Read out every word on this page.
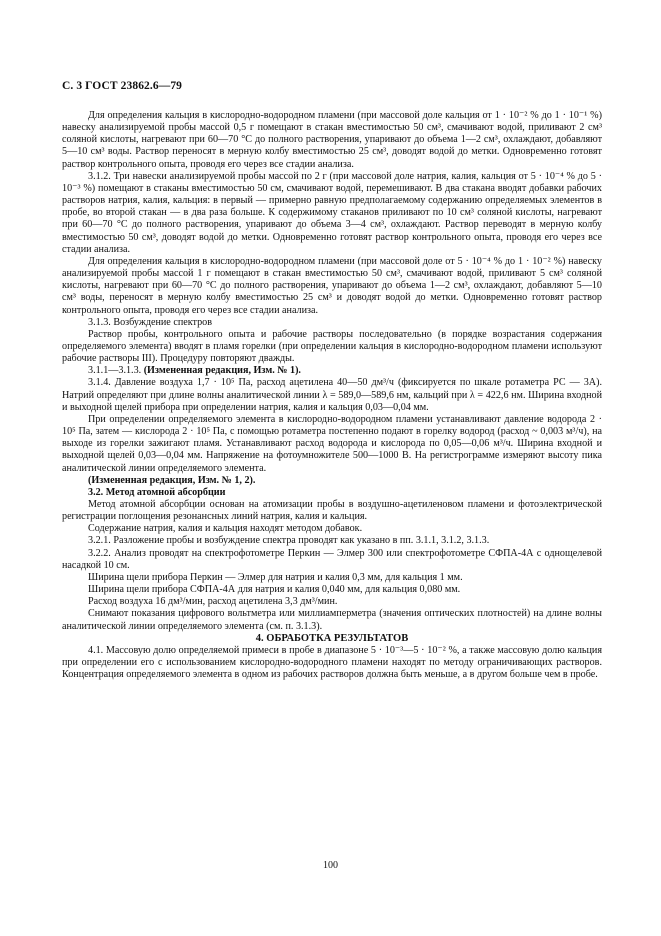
С. 3 ГОСТ 23862.6—79

Для определения кальция в кислородно-водородном пламени (при массовой доле кальция от 1 · 10⁻² % до 1 · 10⁻¹ %) навеску анализируемой пробы массой 0,5 г помещают в стакан вместимостью 50 см³, смачивают водой, приливают 2 см³ соляной кислоты, нагревают при 60—70 °С до полного растворения, упаривают до объема 1—2 см³, охлаждают, добавляют 5—10 см³ воды. Раствор переносят в мерную колбу вместимостью 25 см³, доводят водой до метки. Одновременно готовят раствор контрольного опыта, проводя его через все стадии анализа.

3.1.2. Три навески анализируемой пробы массой по 2 г (при массовой доле натрия, калия, кальция от 5 · 10⁻⁴ % до 5 · 10⁻³ %) помещают в стаканы вместимостью 50 см, смачивают водой, перемешивают. В два стакана вводят добавки рабочих растворов натрия, калия, кальция: в первый — примерно равную предполагаемому содержанию определяемых элементов в пробе, во второй стакан — в два раза больше. К содержимому стаканов приливают по 10 см³ соляной кислоты, нагревают при 60—70 °С до полного растворения, упаривают до объема 3—4 см³, охлаждают. Раствор переводят в мерную колбу вместимостью 50 см³, доводят водой до метки. Одновременно готовят раствор контрольного опыта, проводя его через все стадии анализа.

Для определения кальция в кислородно-водородном пламени (при массовой доле от 5 · 10⁻⁴ % до 1 · 10⁻² %) навеску анализируемой пробы массой 1 г помещают в стакан вместимостью 50 см³, смачивают водой, приливают 5 см³ соляной кислоты, нагревают при 60—70 °С до полного растворения, упаривают до объема 1—2 см³, охлаждают, добавляют 5—10 см³ воды, переносят в мерную колбу вместимостью 25 см³ и доводят водой до метки. Одновременно готовят раствор контрольного опыта, проводя его через все стадии анализа.

3.1.3. Возбуждение спектров

Раствор пробы, контрольного опыта и рабочие растворы последовательно (в порядке возрастания содержания определяемого элемента) вводят в пламя горелки (при определении кальция в кислородно-водородном пламени используют рабочие растворы III). Процедуру повторяют дважды.

3.1.1—3.1.3. (Измененная редакция, Изм. № 1).

3.1.4. Давление воздуха 1,7 · 10⁵ Па, расход ацетилена 40—50 дм³/ч (фиксируется по шкале ротаметра РС — 3А). Натрий определяют при длине волны аналитической линии λ = 589,0—589,6 нм, кальций при λ = 422,6 нм. Ширина входной и выходной щелей прибора при определении натрия, калия и кальция 0,03—0,04 мм.

При определении определяемого элемента в кислородно-водородном пламени устанавливают давление водорода 2 · 10⁵ Па, затем — кислорода 2 · 10⁵ Па, с помощью ротаметра постепенно подают в горелку водород (расход ~ 0,003 м³/ч), на выходе из горелки зажигают пламя. Устанавливают расход водорода и кислорода по 0,05—0,06 м³/ч. Ширина входной и выходной щелей 0,03—0,04 мм. Напряжение на фотоумножителе 500—1000 В. На регистрограмме измеряют высоту пика аналитической линии определяемого элемента.

(Измененная редакция, Изм. № 1, 2).

3.2. Метод атомной абсорбции

Метод атомной абсорбции основан на атомизации пробы в воздушно-ацетиленовом пламени и фотоэлектрической регистрации поглощения резонансных линий натрия, калия и кальция.

Содержание натрия, калия и кальция находят методом добавок.

3.2.1. Разложение пробы и возбуждение спектра проводят как указано в пп. 3.1.1, 3.1.2, 3.1.3.

3.2.2. Анализ проводят на спектрофотометре Перкин — Элмер 300 или спектрофотометре СФПА-4А с однощелевой насадкой 10 см.

Ширина щели прибора Перкин — Элмер для натрия и калия 0,3 мм, для кальция 1 мм.

Ширина щели прибора СФПА-4А для натрия и калия 0,040 мм, для кальция 0,080 мм.

Расход воздуха 16 дм³/мин, расход ацетилена 3,3 дм³/мин.

Снимают показания цифрового вольтметра или миллиамперметра (значения оптических плотностей) на длине волны аналитической линии определяемого элемента (см. п. 3.1.3).

4. ОБРАБОТКА РЕЗУЛЬТАТОВ

4.1. Массовую долю определяемой примеси в пробе в диапазоне 5 · 10⁻³—5 · 10⁻² %, а также массовую долю кальция при определении его с использованием кислородно-водородного пламени находят по методу ограничивающих растворов. Концентрация определяемого элемента в одном из рабочих растворов должна быть меньше, а в другом больше чем в пробе.

100
